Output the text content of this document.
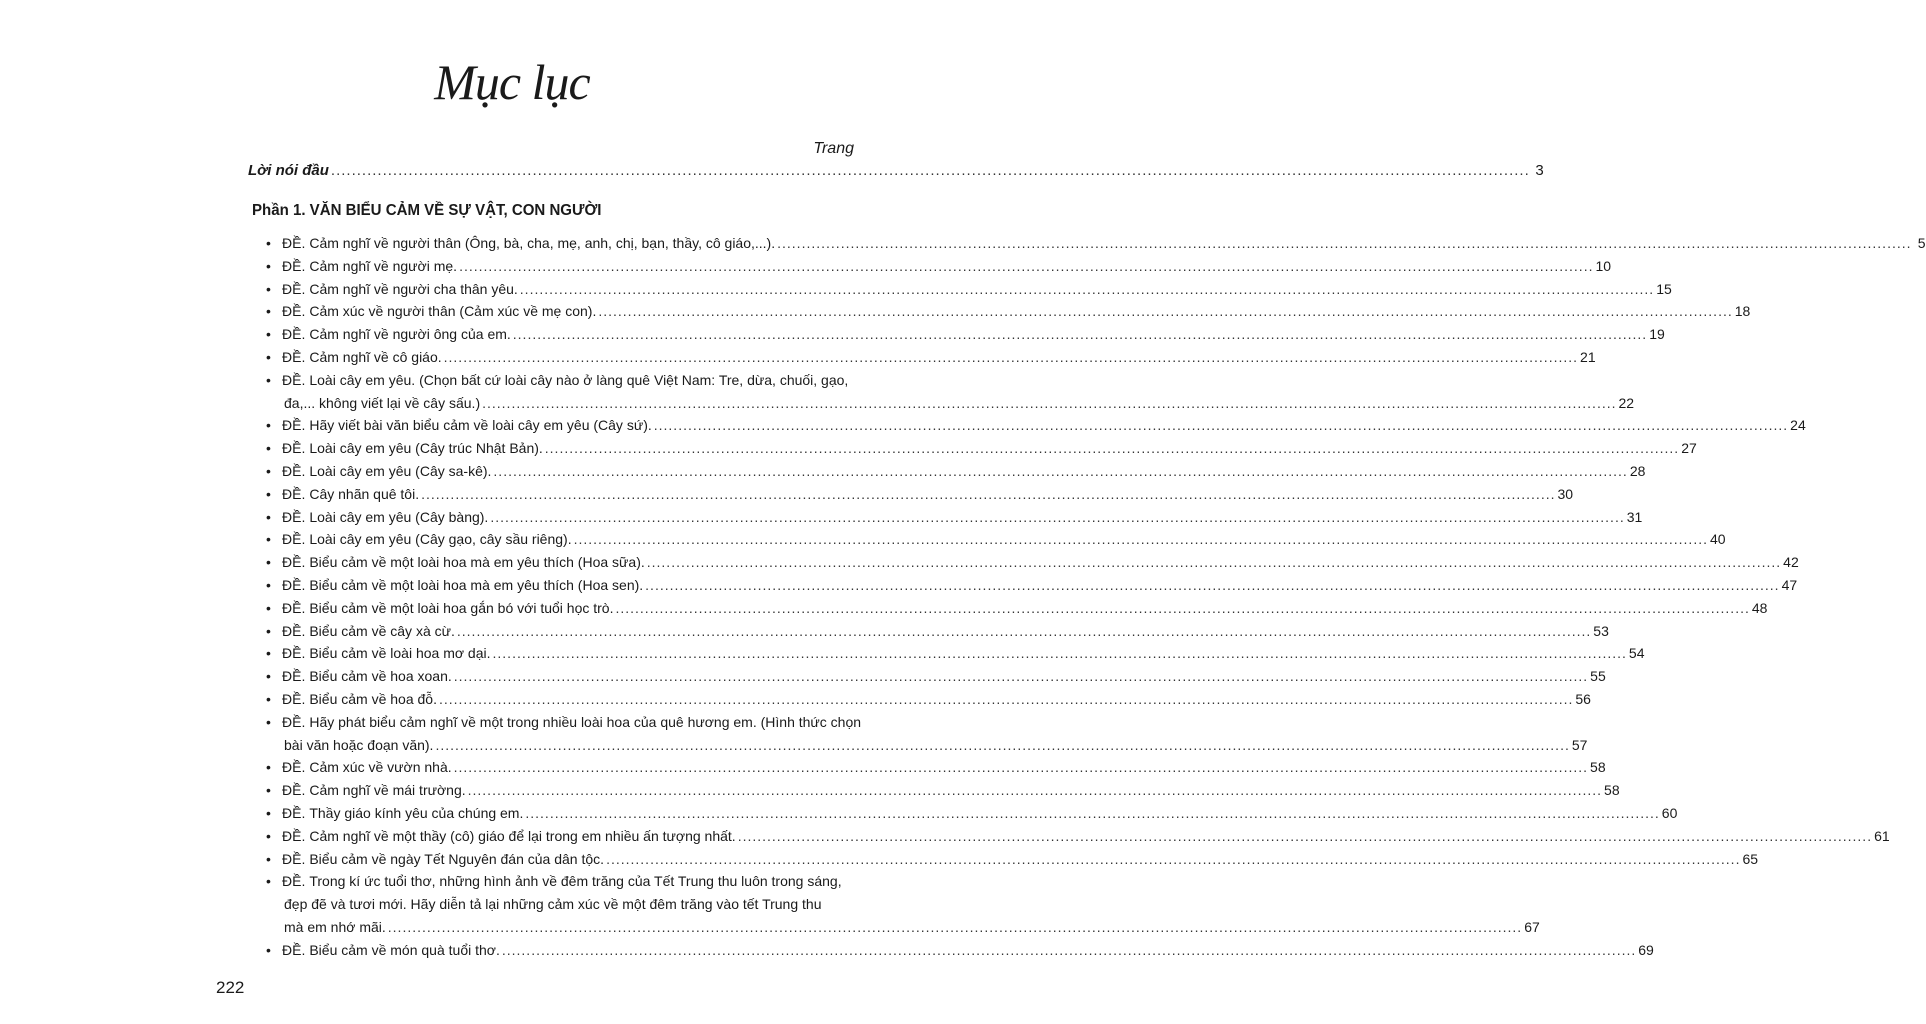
Mục lục
Trang
Lời nói đầu .....	3
Phần 1. VĂN BIỂU CẢM VỀ SỰ VẬT, CON NGƯỜI
• ĐỀ. Cảm nghĩ về người thân (Ông, bà, cha, mẹ, anh, chị, bạn, thầy, cô giáo,...). .....	5
• ĐỀ. Cảm nghĩ về người mẹ. .....	10
• ĐỀ. Cảm nghĩ về người cha thân yêu. .....	15
• ĐỀ. Cảm xúc về người thân (Cảm xúc về mẹ con). .....	18
• ĐỀ. Cảm nghĩ về người ông của em. .....	19
• ĐỀ. Cảm nghĩ về cô giáo. .....	21
• ĐỀ. Loài cây em yêu. (Chọn bất cứ loài cây nào ở làng quê Việt Nam: Tre, dừa, chuối, gạo,
đa,... không viết lại về cây sấu.) .....	22
• ĐỀ. Hãy viết bài văn biểu cảm về loài cây em yêu (Cây sứ). .....	24
• ĐỀ. Loài cây em yêu (Cây trúc Nhật Bản). .....	27
• ĐỀ. Loài cây em yêu (Cây sa-kê). .....	28
• ĐỀ. Cây nhãn quê tôi. .....	30
• ĐỀ. Loài cây em yêu (Cây bàng). .....	31
• ĐỀ. Loài cây em yêu (Cây gạo, cây sầu riêng). .....	40
• ĐỀ. Biểu cảm về một loài hoa mà em yêu thích (Hoa sữa). .....	42
• ĐỀ. Biểu cảm về một loài hoa mà em yêu thích (Hoa sen). .....	47
• ĐỀ. Biểu cảm về một loài hoa gắn bó với tuổi học trò. .....	48
• ĐỀ. Biểu cảm về cây xà cừ. .....	53
• ĐỀ. Biểu cảm về loài hoa mơ dại. .....	54
• ĐỀ. Biểu cảm về hoa xoan. .....	55
• ĐỀ. Biểu cảm về hoa đỗ. .....	56
• ĐỀ. Hãy phát biểu cảm nghĩ về một trong nhiều loài hoa của quê hương em. (Hình thức chọn
bài văn hoặc đoạn văn). .....	57
• ĐỀ. Cảm xúc về vườn nhà. .....	58
• ĐỀ. Cảm nghĩ về mái trường. .....	58
• ĐỀ. Thầy giáo kính yêu của chúng em. .....	60
• ĐỀ. Cảm nghĩ về một thầy (cô) giáo để lại trong em nhiều ấn tượng nhất. .....	61
• ĐỀ. Biểu cảm về ngày Tết Nguyên đán của dân tộc. .....	65
• ĐỀ. Trong kí ức tuổi thơ, những hình ảnh về đêm trăng của Tết Trung thu luôn trong sáng,
đẹp đẽ và tươi mới. Hãy diễn tả lại những cảm xúc về một đêm trăng vào tết Trung thu
mà em nhớ mãi. .....	67
• ĐỀ. Biểu cảm về món quà tuổi thơ. .....	69
222
